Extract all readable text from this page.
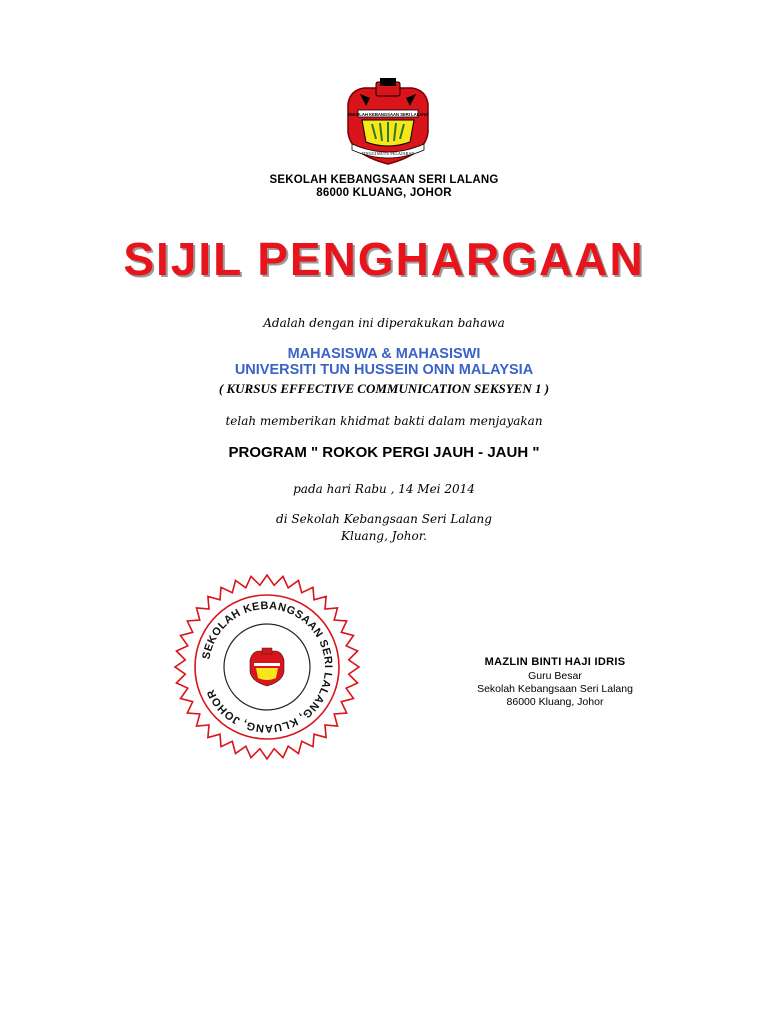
SEKOLAH KEBANGSAAN SERI LALANG
TINGGI MUTU PELAJARAN
SEKOLAH KEBANGSAAN SERI LALANG
86000 KLUANG, JOHOR
SIJIL PENGHARGAAN
Adalah dengan ini diperakukan bahawa
MAHASISWA & MAHASISWI
UNIVERSITI TUN HUSSEIN ONN MALAYSIA
( KURSUS EFFECTIVE COMMUNICATION SEKSYEN 1 )
telah memberikan khidmat bakti dalam menjayakan
PROGRAM " ROKOK PERGI JAUH - JAUH "
pada hari Rabu , 14 Mei 2014
di Sekolah Kebangsaan Seri Lalang
Kluang, Johor.
SEKOLAH KEBANGSAAN SERI LALANG, KLUANG, JOHOR
MAZLIN BINTI HAJI IDRIS
Guru Besar
Sekolah Kebangsaan Seri Lalang
86000 Kluang, Johor
